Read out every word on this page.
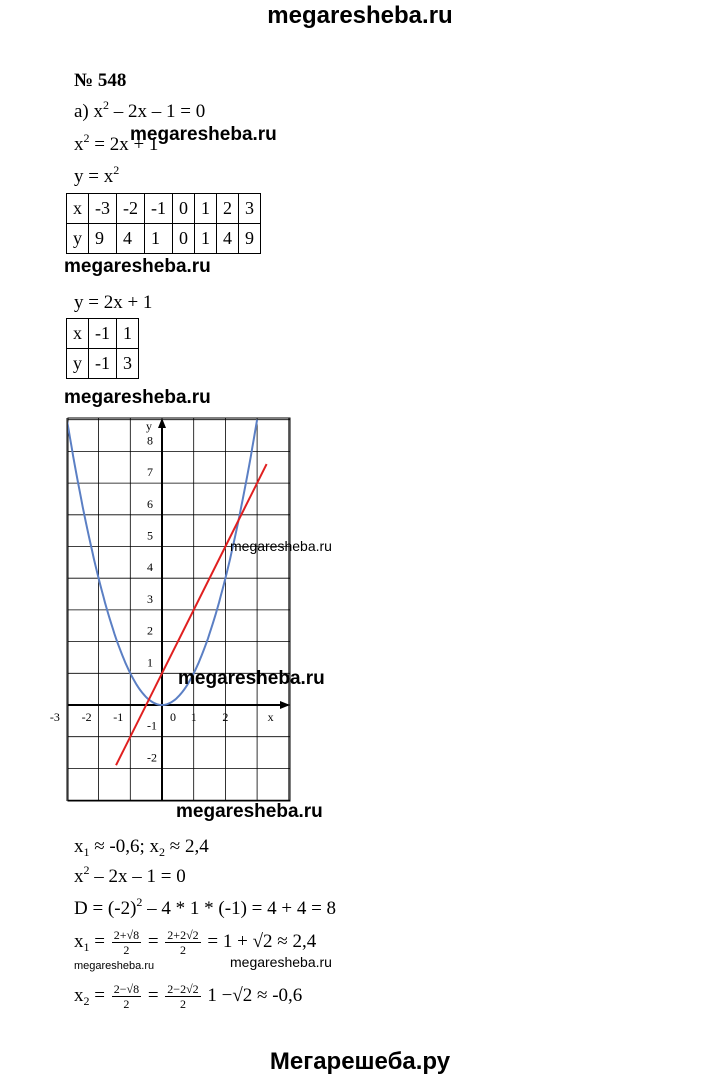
megaresheba.ru
№ 548
а) $x^2 - 2x - 1 = 0$
$x^2 = 2x + 1$
megaresheba.ru
$y = x^2$
x	-3	-2	-1	0	1	2	3
y	9	4	1	0	1	4	9
megaresheba.ru
y = 2x + 1
x	-1	1
y	-1	3
megaresheba.ru
-3 -2 -1	0 1 2	x
y
8
7
6
5
4
3
2
1
-1
-2
megaresheba.ru
megaresheba.ru
megaresheba.ru
$x_1 \approx -0,6$; $x_2 \approx 2,4$
$x^2 - 2x - 1 = 0$
$D = (-2)^2 - 4 * 1 * (-1) = 4 + 4 = 8$
$x_1 = \frac{2+√8}{2} = \frac{2+2√2}{2} = 1 + √2 \approx 2,4$
megaresheba.ru	megaresheba.ru
$x_2 = \frac{2-√8}{2} = \frac{2-2√2}{2} 1 -√2 \approx -0,6$
Мегарешеба.ру
